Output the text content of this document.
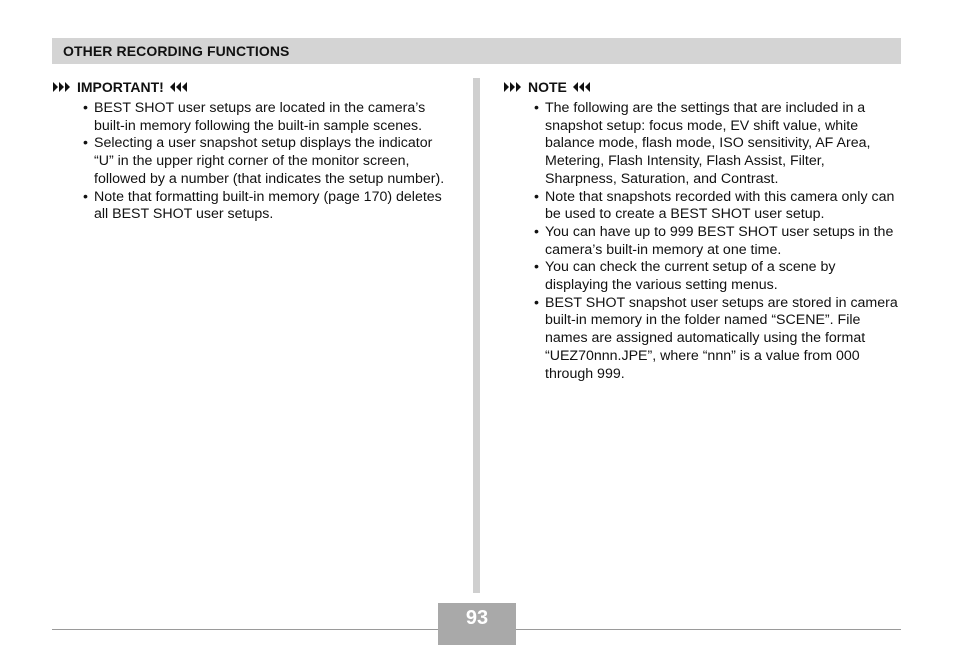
OTHER RECORDING FUNCTIONS
IMPORTANT!
• BEST SHOT user setups are located in the camera’s built-in memory following the built-in sample scenes.
• Selecting a user snapshot setup displays the indicator “U” in the upper right corner of the monitor screen, followed by a number (that indicates the setup number).
• Note that formatting built-in memory (page 170) deletes all BEST SHOT user setups.
NOTE
• The following are the settings that are included in a snapshot setup: focus mode, EV shift value, white balance mode, flash mode, ISO sensitivity, AF Area, Metering, Flash Intensity, Flash Assist, Filter, Sharpness, Saturation, and Contrast.
• Note that snapshots recorded with this camera only can be used to create a BEST SHOT user setup.
• You can have up to 999 BEST SHOT user setups in the camera’s built-in memory at one time.
• You can check the current setup of a scene by displaying the various setting menus.
• BEST SHOT snapshot user setups are stored in camera built-in memory in the folder named “SCENE”. File names are assigned automatically using the format “UEZ70nnn.JPE”, where “nnn” is a value from 000 through 999.
93
